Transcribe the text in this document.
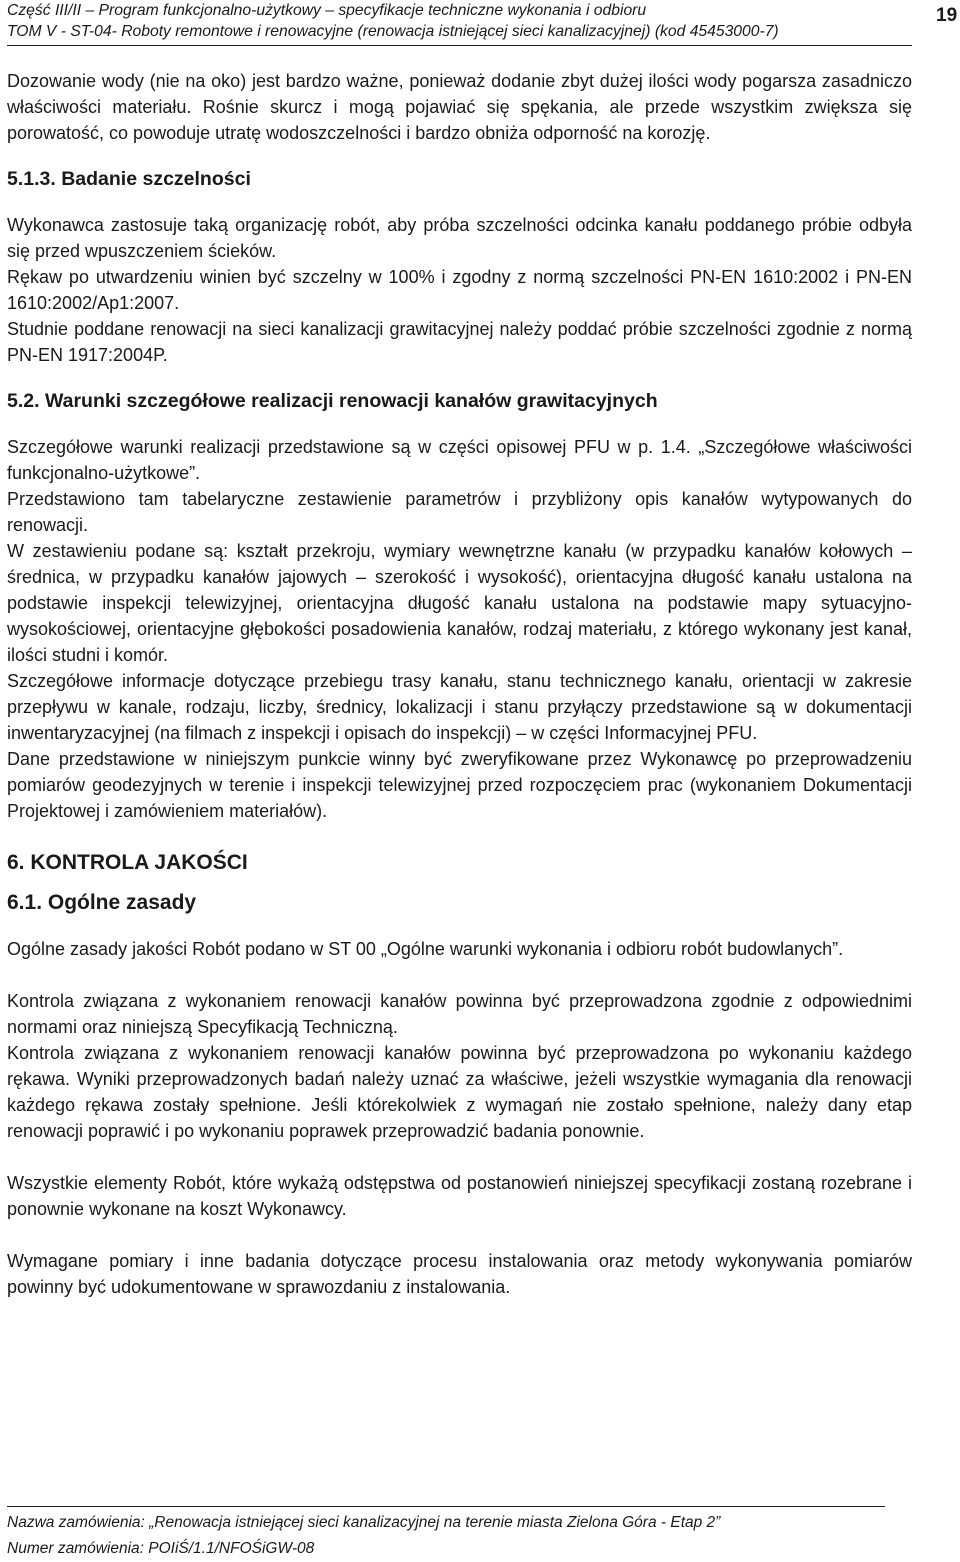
Część III/II – Program funkcjonalno-użytkowy – specyfikacje techniczne wykonania i odbioru
TOM V - ST-04- Roboty remontowe i renowacyjne (renowacja istniejącej sieci kanalizacyjnej) (kod 45453000-7)
19

Dozowanie wody (nie na oko) jest bardzo ważne, ponieważ dodanie zbyt dużej ilości wody pogarsza zasadniczo właściwości materiału. Rośnie skurcz i mogą pojawiać się spękania, ale przede wszystkim zwiększa się porowatość, co powoduje utratę wodoszczelności i bardzo obniża odporność na korozję.

5.1.3. Badanie szczelności

Wykonawca zastosuje taką organizację robót, aby próba szczelności odcinka kanału poddanego próbie odbyła się przed wpuszczeniem ścieków.

Rękaw po utwardzeniu winien być szczelny w 100% i zgodny z normą szczelności PN-EN 1610:2002 i PN-EN 1610:2002/Ap1:2007.

Studnie poddane renowacji na sieci kanalizacji grawitacyjnej należy poddać próbie szczelności zgodnie z normą PN-EN 1917:2004P.

5.2. Warunki szczegółowe realizacji renowacji kanałów grawitacyjnych

Szczegółowe warunki realizacji przedstawione są w części opisowej PFU w p. 1.4. „Szczegółowe właściwości funkcjonalno-użytkowe”.

Przedstawiono tam tabelaryczne zestawienie parametrów i przybliżony opis kanałów wytypowanych do renowacji.

W zestawieniu podane są: kształt przekroju, wymiary wewnętrzne kanału (w przypadku kanałów kołowych – średnica, w przypadku kanałów jajowych – szerokość i wysokość), orientacyjna długość kanału ustalona na podstawie inspekcji telewizyjnej, orientacyjna długość kanału ustalona na podstawie mapy sytuacyjno-wysokościowej, orientacyjne głębokości posadowienia kanałów, rodzaj materiału, z którego wykonany jest kanał, ilości studni i komór.

Szczegółowe informacje dotyczące przebiegu trasy kanału, stanu technicznego kanału, orientacji w zakresie przepływu w kanale, rodzaju, liczby, średnicy, lokalizacji i stanu przyłączy przedstawione są w dokumentacji inwentaryzacyjnej (na filmach z inspekcji i opisach do inspekcji) – w części Informacyjnej PFU.

Dane przedstawione w niniejszym punkcie winny być zweryfikowane przez Wykonawcę po przeprowadzeniu pomiarów geodezyjnych w terenie i inspekcji telewizyjnej przed rozpoczęciem prac (wykonaniem Dokumentacji Projektowej i zamówieniem materiałów).

6. KONTROLA JAKOŚCI
6.1. Ogólne zasady

Ogólne zasady jakości Robót podano w ST 00 „Ogólne warunki wykonania i odbioru robót budowlanych”.

Kontrola związana z wykonaniem renowacji kanałów powinna być przeprowadzona zgodnie z odpowiednimi normami oraz niniejszą Specyfikacją Techniczną.

Kontrola związana z wykonaniem renowacji kanałów powinna być przeprowadzona po wykonaniu każdego rękawa. Wyniki przeprowadzonych badań należy uznać za właściwe, jeżeli wszystkie wymagania dla renowacji każdego rękawa zostały spełnione. Jeśli którekolwiek z wymagań nie zostało spełnione, należy dany etap renowacji poprawić i po wykonaniu poprawek przeprowadzić badania ponownie.

Wszystkie elementy Robót, które wykażą odstępstwa od postanowień niniejszej specyfikacji zostaną rozebrane i ponownie wykonane na koszt Wykonawcy.

Wymagane pomiary i inne badania dotyczące procesu instalowania oraz metody wykonywania pomiarów powinny być udokumentowane w sprawozdaniu z instalowania.

Nazwa zamówienia: „Renowacja istniejącej sieci kanalizacyjnej na terenie miasta Zielona Góra - Etap 2”
Numer zamówienia: POIiŚ/1.1/NFOŚiGW-08
